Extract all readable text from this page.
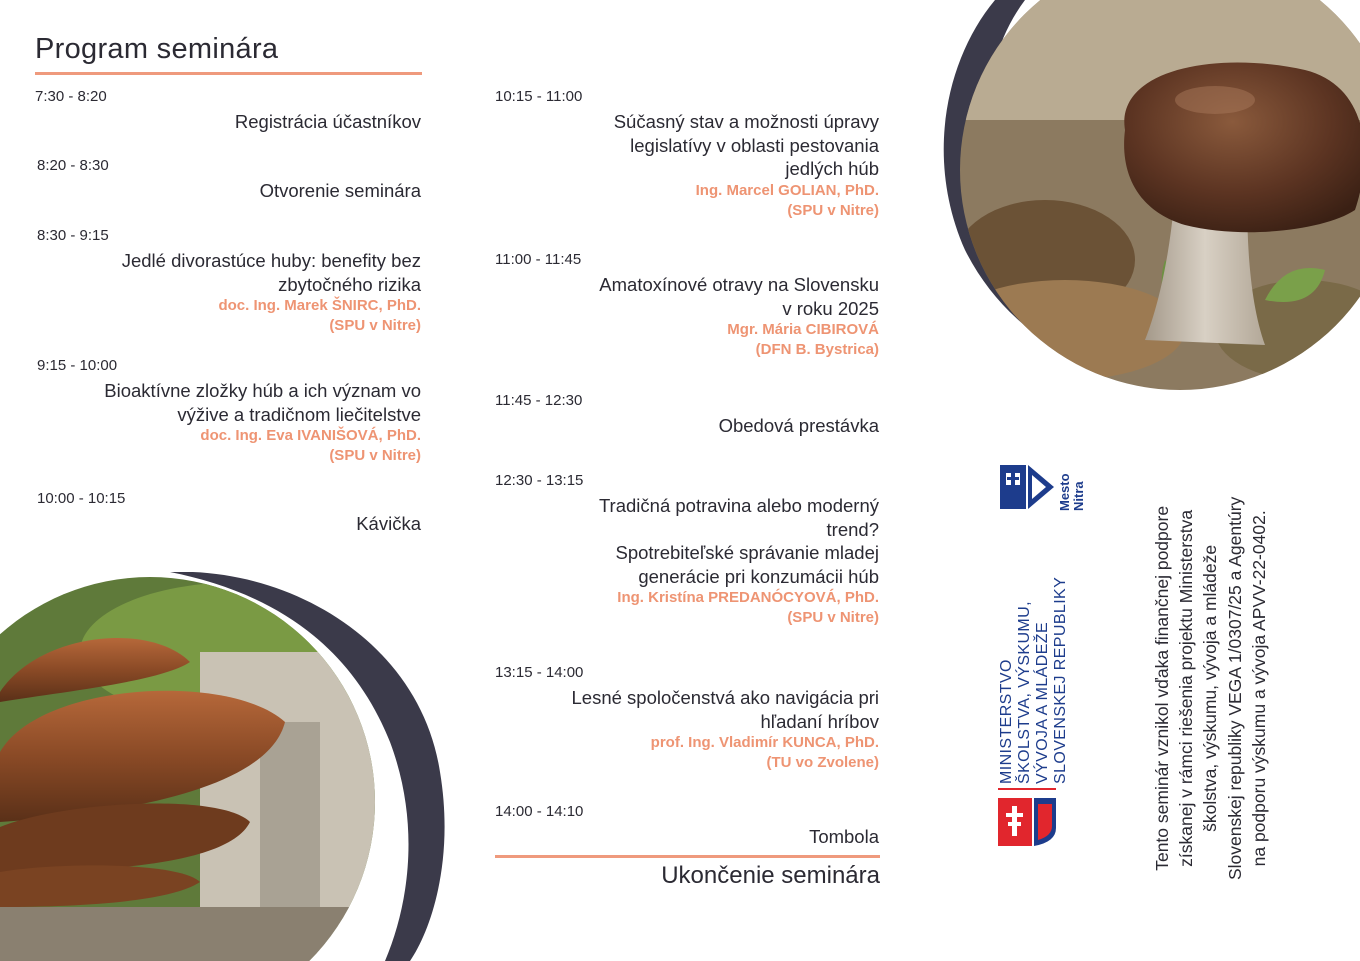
Program seminára
7:30 - 8:20
Registrácia účastníkov
8:20 - 8:30
Otvorenie seminára
8:30 - 9:15
Jedlé divorastúce huby: benefity bez
zbytočného rizika
doc. Ing. Marek ŠNIRC, PhD.
(SPU v Nitre)
9:15 - 10:00
Bioaktívne zložky húb a ich význam vo
výžive a tradičnom liečitelstve
doc. Ing. Eva IVANIŠOVÁ, PhD.
(SPU v Nitre)
10:00 - 10:15
Kávička
10:15 - 11:00
Súčasný stav a možnosti úpravy
legislatívy v oblasti pestovania
jedlých húb
Ing. Marcel GOLIAN, PhD.
(SPU v Nitre)
11:00 - 11:45
Amatoxínové otravy na Slovensku
v roku 2025
Mgr. Mária CIBIROVÁ
(DFN B. Bystrica)
11:45 - 12:30
Obedová prestávka
12:30 - 13:15
Tradičná potravina alebo moderný
trend?
Spotrebiteľské správanie mladej
generácie pri konzumácii húb
Ing. Kristína PREDANÓCYOVÁ, PhD.
(SPU v Nitre)
13:15 - 14:00
Lesné spoločenstvá ako navigácia pri
hľadaní hríbov
prof. Ing. Vladimír KUNCA, PhD.
(TU vo Zvolene)
14:00 - 14:10
Tombola
Ukončenie seminára
MINISTERSTVO ŠKOLSTVA, VÝSKUMU, VÝVOJA A MLÁDEŽE SLOVENSKEJ REPUBLIKY
Mesto Nitra
Tento seminár vznikol vďaka finančnej podpore získanej v rámci riešenia projektu Ministerstva školstva, výskumu, vývoja a mládeže Slovenskej republiky VEGA 1/0307/25 a Agentúry na podporu výskumu a vývoja APVV-22-0402.
